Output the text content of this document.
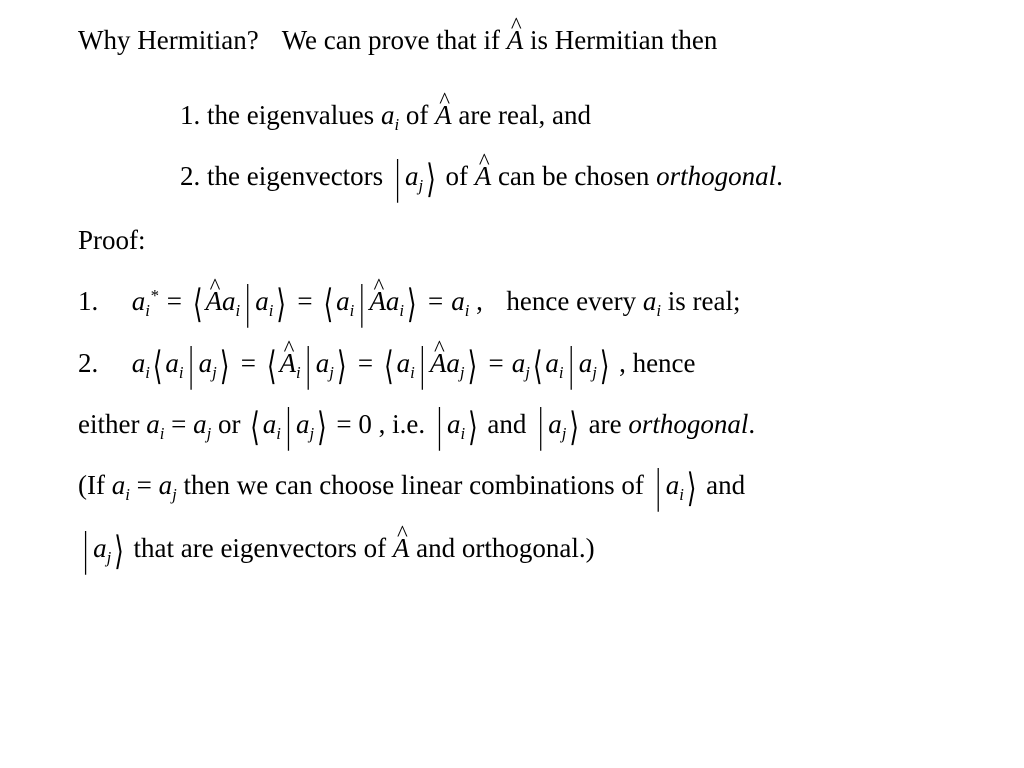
Why Hermitian? We can prove that if ^ A is Hermitian then
1. the eigenvalues $a_i$ of ^ A are real, and
2. the eigenvectors | $a_j$ ⟩ of ^ A can be chosen orthogonal.
Proof:
1. $a_i^*$ = ⟨ ^ $Aa_i$ | $a_i$ ⟩ = ⟨ $a_i$ | ^ $Aa_i$ ⟩ = $a_i$ ,  hence every $a_i$ is real;
2. $a_i$ ⟨ $a_i$ | $a_j$ ⟩ = ⟨ ^ $A_i$ | $a_j$ ⟩ = ⟨ $a_i$ | ^ $Aa_j$ ⟩ = $a_j$ ⟨ $a_i$ | $a_j$ ⟩ , hence
either $a_i = a_j$ or ⟨ $a_i$ | $a_j$ ⟩ = 0 , i.e. | $a_i$ ⟩ and | $a_j$ ⟩ are orthogonal.
(If $a_i = a_j$ then we can choose linear combinations of | $a_i$ ⟩ and
| $a_j$ ⟩ that are eigenvectors of ^ A and orthogonal.)
